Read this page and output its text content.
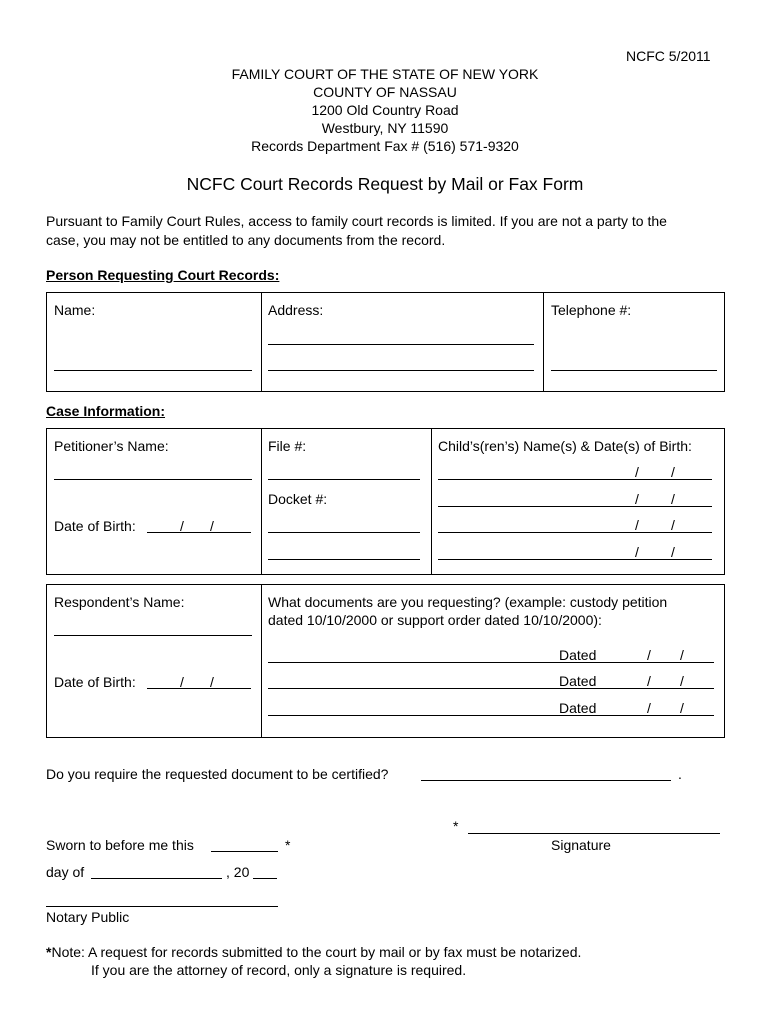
NCFC 5/2011
FAMILY COURT OF THE STATE OF NEW YORK
COUNTY OF NASSAU
1200 Old Country Road
Westbury, NY 11590
Records Department Fax # (516) 571-9320
NCFC Court Records Request by Mail or Fax Form
Pursuant to Family Court Rules, access to family court records is limited. If you are not a party to the
case, you may not be entitled to any documents from the record.
Person Requesting Court Records:
Name:	Address:	Telephone #:
Case Information:
Petitioner’s Name:
Date of Birth:	/ /
File #:
Docket #:
Child’s(ren’s) Name(s) & Date(s) of Birth:
/ /
/ /
/ /
/ /
Respondent’s Name:
Date of Birth:	/ /
What documents are you requesting? (example: custody petition
dated 10/10/2000 or support order dated 10/10/2000):
Dated	/ /
Dated	/ /
Dated	/ /
Do you require the requested document to be certified?	.
*
Signature
Sworn to before me this	*
day of	, 20
Notary Public
*Note: A request for records submitted to the court by mail or by fax must be notarized.
If you are the attorney of record, only a signature is required.
